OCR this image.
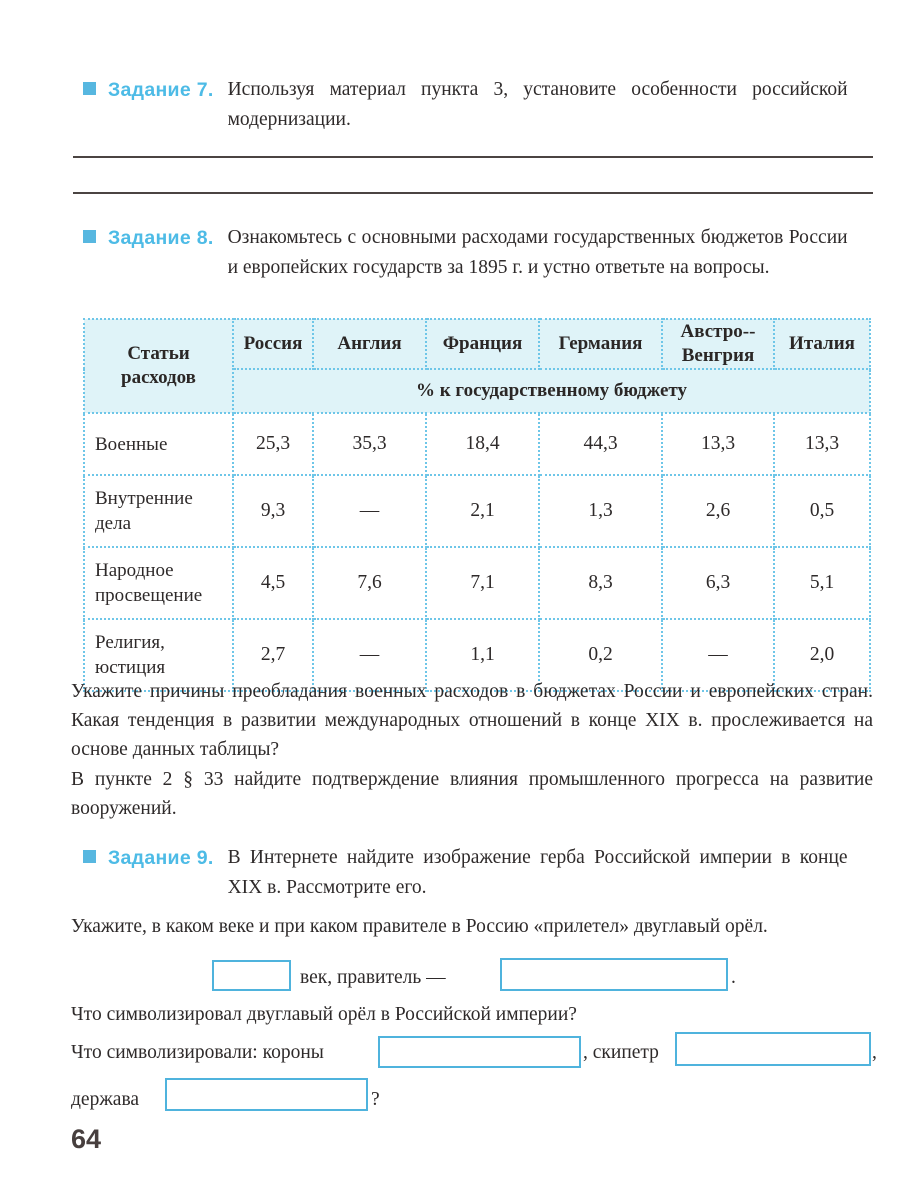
Задание 7. Используя материал пункта 3, установите особенности российской модернизации.
Задание 8. Ознакомьтесь с основными расходами государственных бюджетов России и европейских государств за 1895 г. и устно ответьте на вопросы.
Статьи расходов	Россия	Англия	Франция	Германия	Австро-Венгрия	Италия
	% к государственному бюджету					
Военные	25,3	35,3	18,4	44,3	13,3	13,3
Внутренние дела	9,3	—	2,1	1,3	2,6	0,5
Народное просвещение	4,5	7,6	7,1	8,3	6,3	5,1
Религия, юстиция	2,7	—	1,1	0,2	—	2,0
Укажите причины преобладания военных расходов в бюджетах России и европейских стран. Какая тенденция в развитии международных отношений в конце XIX в. прослеживается на основе данных таблицы?
В пункте 2 § 33 найдите подтверждение влияния промышленного прогресса на развитие вооружений.
Задание 9. В Интернете найдите изображение герба Российской империи в конце XIX в. Рассмотрите его.
Укажите, в каком веке и при каком правителе в Россию «прилетел» двуглавый орёл.
век, правитель —	.
Что символизировал двуглавый орёл в Российской империи?
Что символизировали: короны	, скипетр	,
держава	?
64
